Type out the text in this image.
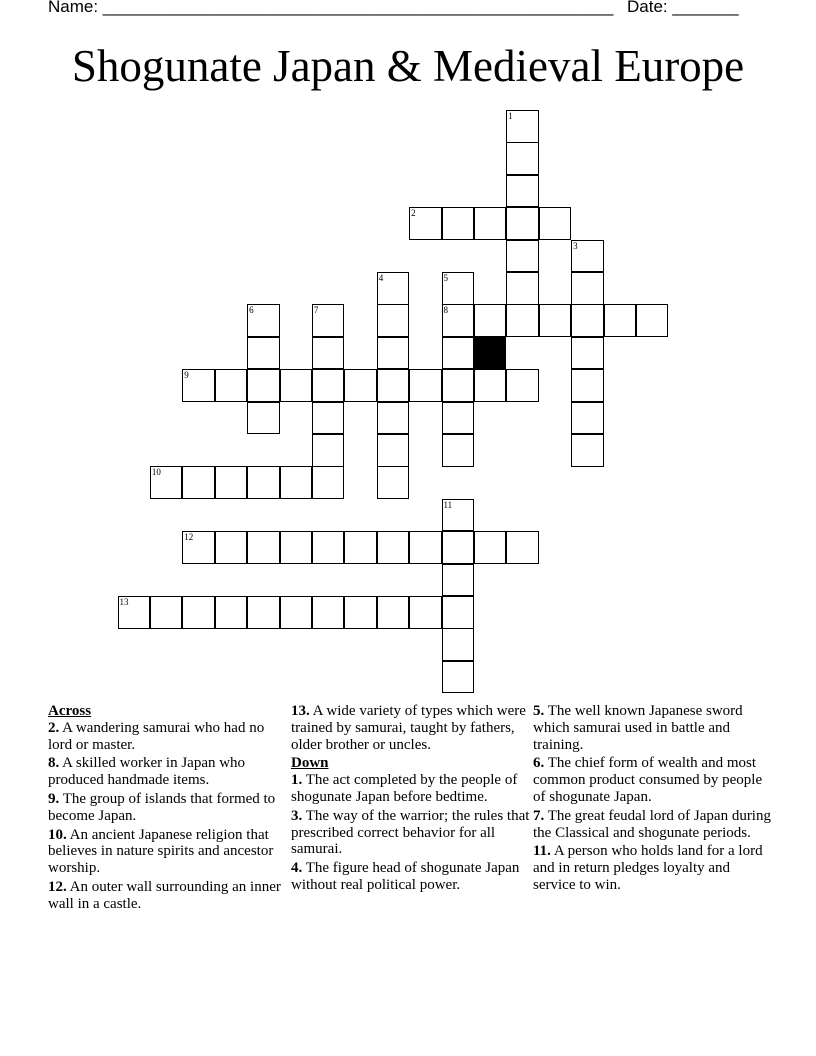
Name: ______________________________________________________ Date: _______
Shogunate Japan & Medieval Europe
1
2
3
4	5
8
6	7
9
10
11
12
13
Across
2. A wandering samurai who had no lord or master.
8. A skilled worker in Japan who produced handmade items.
9. The group of islands that formed to become Japan.
10. An ancient Japanese religion that believes in nature spirits and ancestor worship.
12. An outer wall surrounding an inner wall in a castle.
13. A wide variety of types which were trained by samurai, taught by fathers, older brother or uncles.
Down
1. The act completed by the people of shogunate Japan before bedtime.
3. The way of the warrior; the rules that prescribed correct behavior for all samurai.
4. The figure head of shogunate Japan without real political power.
5. The well known Japanese sword which samurai used in battle and training.
6. The chief form of wealth and most common product consumed by people of shogunate Japan.
7. The great feudal lord of Japan during the Classical and shogunate periods.
11. A person who holds land for a lord and in return pledges loyalty and service to win.
